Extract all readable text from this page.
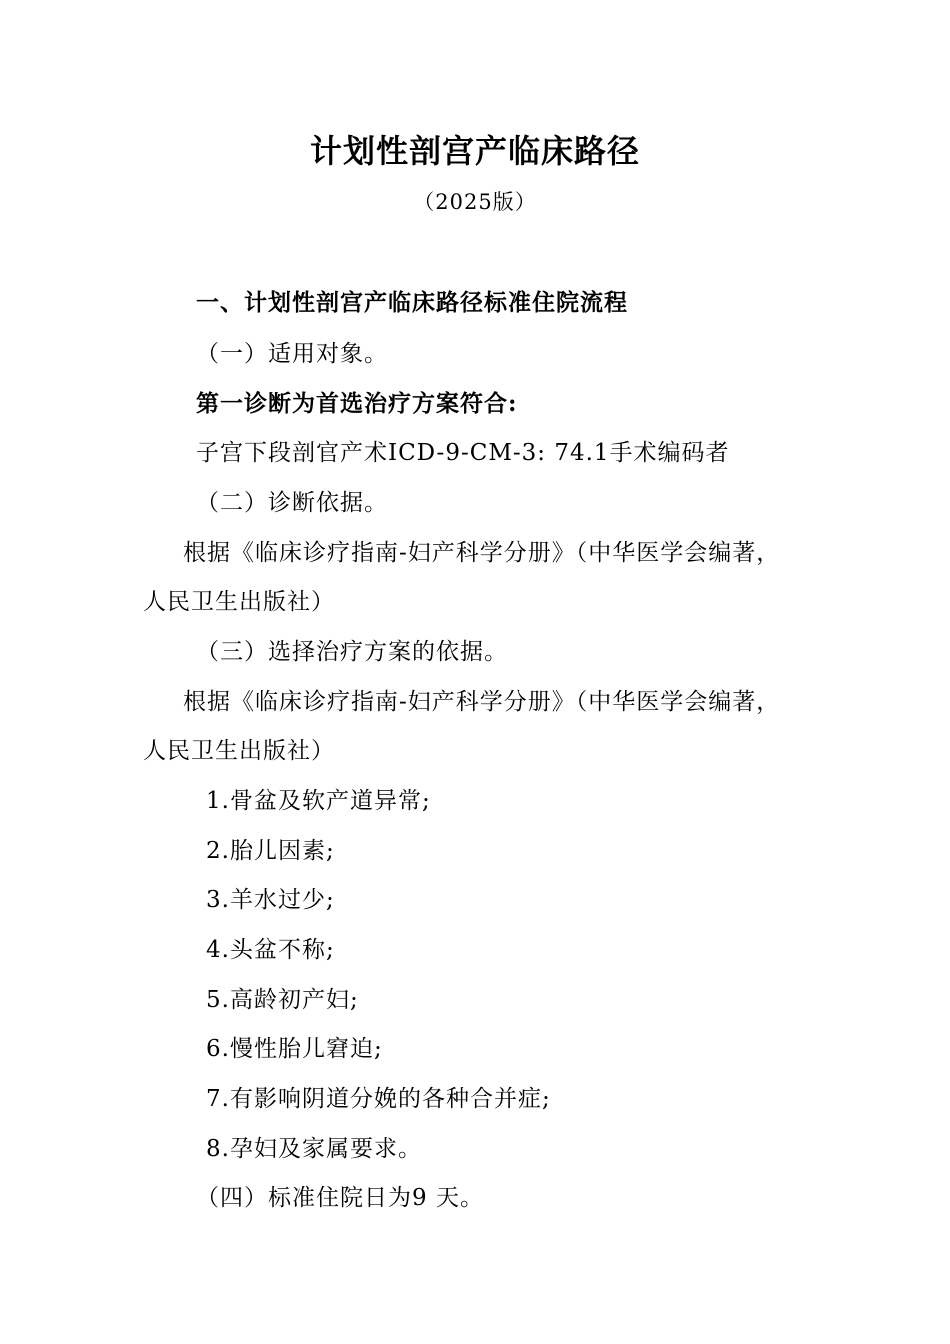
计划性剖宫产临床路径
（2025版）
一、计划性剖宫产临床路径标准住院流程
（一）适用对象。
第一诊断为首选治疗方案符合:
子宫下段剖官产术ICD-9-CM-3: 74.1手术编码者
（二）诊断依据。
根据《临床诊疗指南-妇产科学分册》（中华医学会编著，
人民卫生出版社）
（三）选择治疗方案的依据。
根据《临床诊疗指南-妇产科学分册》（中华医学会编著，
人民卫生出版社）
1.骨盆及软产道异常;
2.胎儿因素;
3.羊水过少;
4.头盆不称;
5.高龄初产妇;
6.慢性胎儿窘迫;
7.有影响阴道分娩的各种合并症;
8.孕妇及家属要求。
（四）标准住院日为9 天。
